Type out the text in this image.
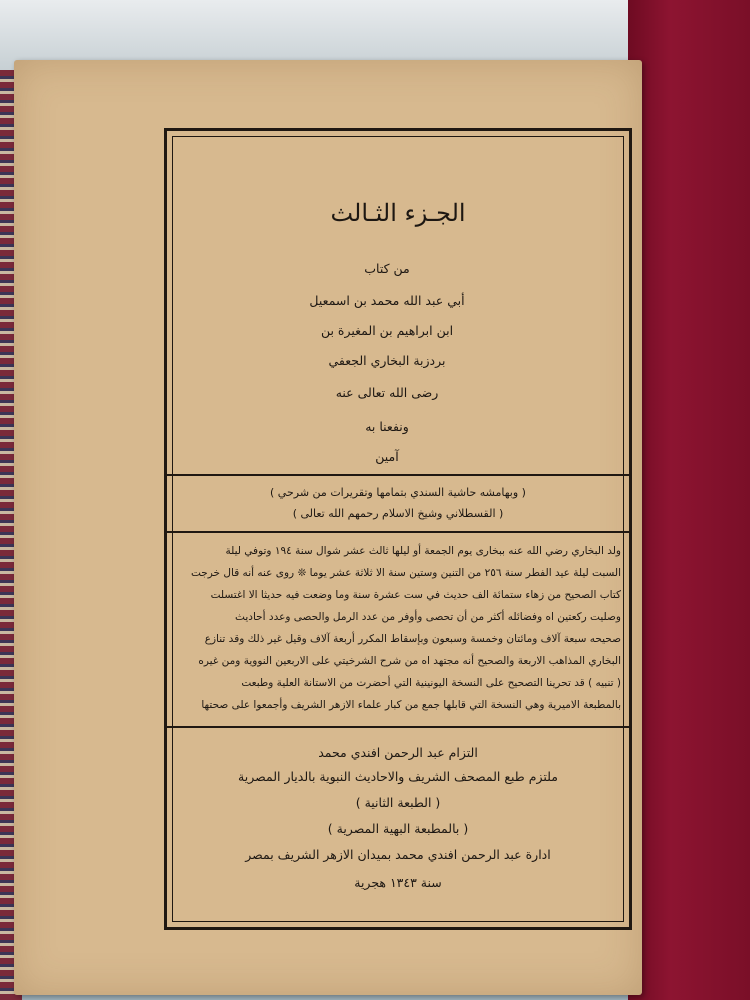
الجـزء الثـالث
من كتاب
أبي عبد الله محمد بن اسمعيل
ابن ابراهيم بن المغيرة بن
بردزبة البخاري الجعفي
رضى الله تعالى عنه
ونفعنا به
آمين
( وبهامشه حاشية السندي بتمامها وتقريرات من شرحي )
( القسطلاني وشيخ الاسلام رحمهم الله تعالى )
ولد البخاري رضي الله عنه ببخارى يوم الجمعة أو ليلها ثالث عشر شوال سنة ١٩٤ وتوفي ليلة
السبت ليلة عيد الفطر سنة ٢٥٦ من التنين وستين سنة الا ثلاثة عشر يوما ❊ روى عنه أنه قال خرجت
كتاب الصحيح من زهاء ستمائة الف حديث في ست عشرة سنة وما وضعت فيه حديثا الا اغتسلت
وصليت ركعتين اه وفضائله أكثر من أن تحصى وأوفر من عدد الرمل والحصى وعدد أحاديث
صحيحه سبعة آلاف ومائتان وخمسة وسبعون وبإسقاط المكرر أربعة آلاف وقيل غير ذلك وقد تنازع
البخاري المذاهب الاربعة والصحيح أنه مجتهد اه من شرح الشرخيتي على الاربعين النووية ومن غيره
( تنبيه ) قد تحرينا التصحيح على النسخة اليونينية التي أحضرت من الاستانة العلية وطبعت
بالمطبعة الاميرية وهي النسخة التي قابلها جمع من كبار علماء الازهر الشريف وأجمعوا على صحتها
التزام عبد الرحمن افندي محمد
ملتزم طبع المصحف الشريف والاحاديث النبوية بالديار المصرية
( الطبعة الثانية )
( بالمطبعة البهية المصرية )
ادارة عبد الرحمن افندي محمد بميدان الازهر الشريف بمصر
سنة ١٣٤٣ هجرية
